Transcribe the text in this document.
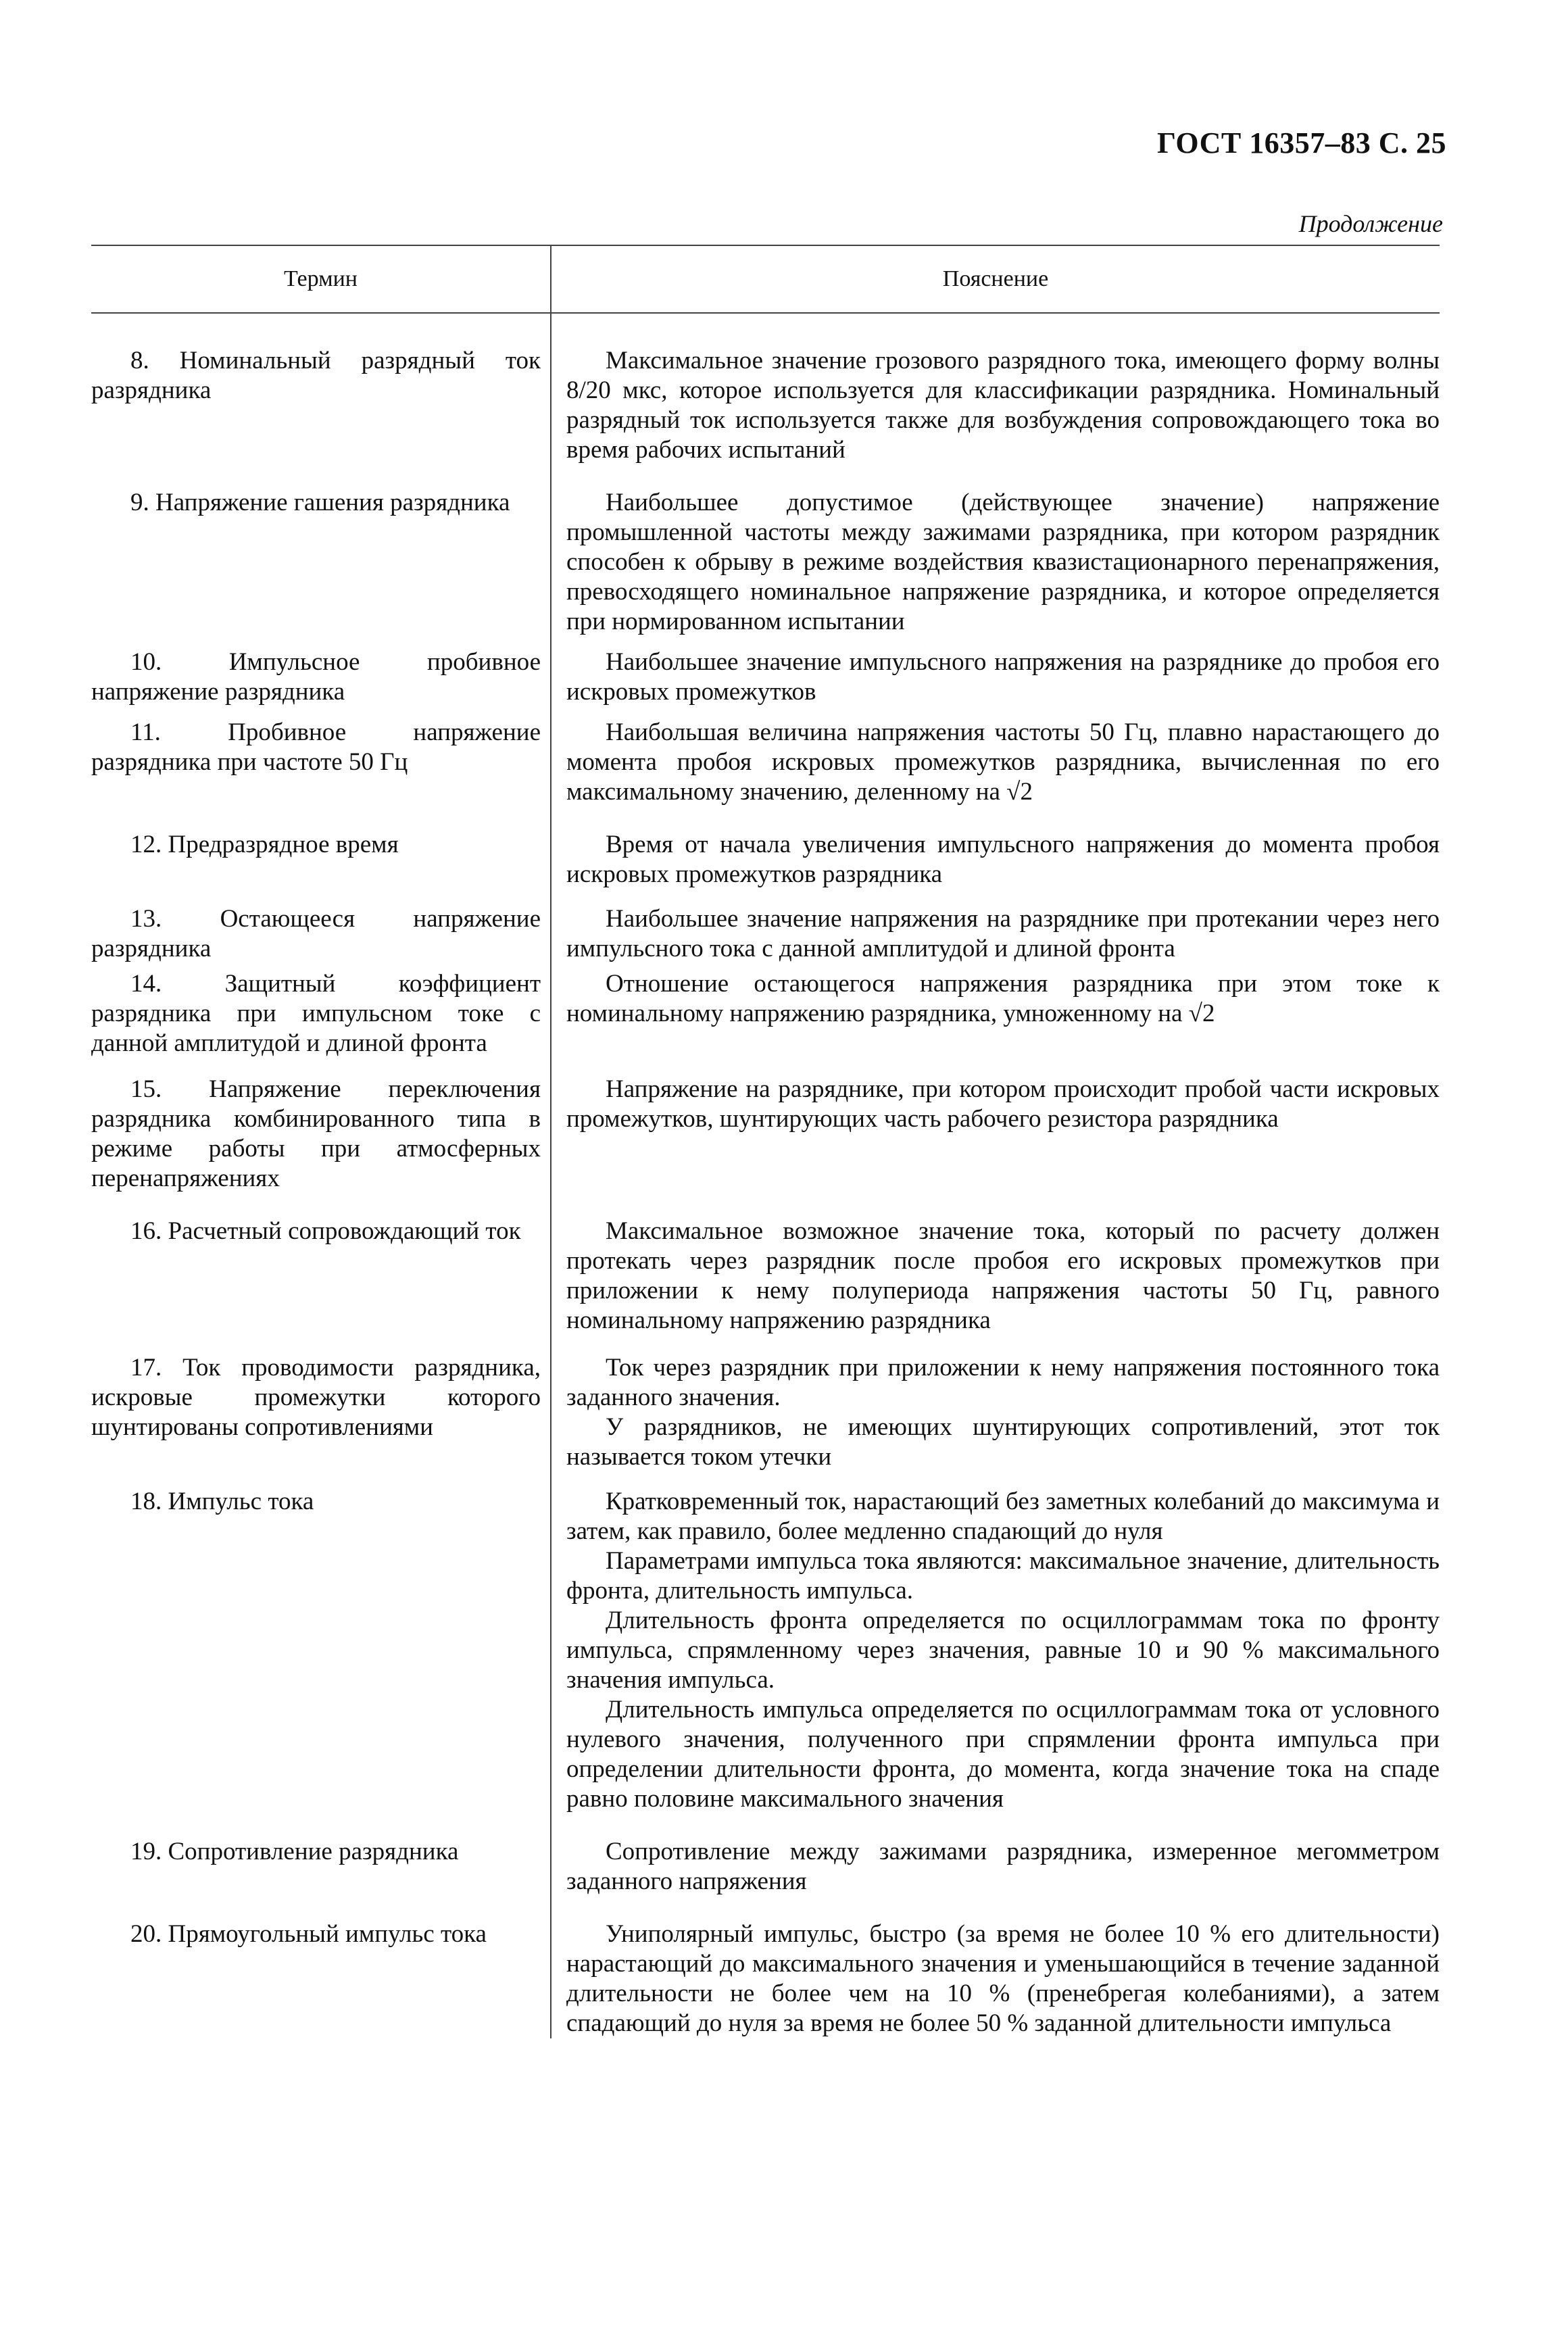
ГОСТ 16357–83 С. 25
Продолжение
Термин	Пояснение

8. Номинальный разрядный ток разрядника	Максимальное значение грозового разрядного тока, имеющего форму волны 8/20 мкс, которое используется для классификации разрядника. Номинальный разрядный ток используется также для возбуждения сопровождающего тока во время рабочих испытаний

9. Напряжение гашения разрядника	Наибольшее допустимое (действующее значение) напряжение промышленной частоты между зажимами разрядника, при котором разрядник способен к обрыву в режиме воздействия квазистационарного перенапряжения, превосходящего номинальное напряжение разрядника, и которое определяется при нормированном испытании

10. Импульсное пробивное напряжение разрядника	Наибольшее значение импульсного напряжения на разряднике до пробоя его искровых промежутков

11. Пробивное напряжение разрядника при частоте 50 Гц	Наибольшая величина напряжения частоты 50 Гц, плавно нарастающего до момента пробоя искровых промежутков разрядника, вычисленная по его максимальному значению, деленному на √2

12. Предразрядное время	Время от начала увеличения импульсного напряжения до момента пробоя искровых промежутков разрядника

13. Остающееся напряжение разрядника	Наибольшее значение напряжения на разряднике при протекании через него импульсного тока с данной амплитудой и длиной фронта

14. Защитный коэффициент разрядника при импульсном токе с данной амплитудой и длиной фронта	Отношение остающегося напряжения разрядника при этом токе к номинальному напряжению разрядника, умноженному на √2

15. Напряжение переключения разрядника комбинированного типа в режиме работы при атмосферных перенапряжениях	Напряжение на разряднике, при котором происходит пробой части искровых промежутков, шунтирующих часть рабочего резистора разрядника

16. Расчетный сопровождающий ток	Максимальное возможное значение тока, который по расчету должен протекать через разрядник после пробоя его искровых промежутков при приложении к нему полупериода напряжения частоты 50 Гц, равного номинальному напряжению разрядника

17. Ток проводимости разрядника, искровые промежутки которого шунтированы сопротивлениями	Ток через разрядник при приложении к нему напряжения постоянного тока заданного значения.

У разрядников, не имеющих шунтирующих сопротивлений, этот ток называется током утечки

18. Импульс тока	Кратковременный ток, нарастающий без заметных колебаний до максимума и затем, как правило, более медленно спадающий до нуля

Параметрами импульса тока являются: максимальное значение, длительность фронта, длительность импульса.

Длительность фронта определяется по осциллограммам тока по фронту импульса, спрямленному через значения, равные 10 и 90 % максимального значения импульса.

Длительность импульса определяется по осциллограммам тока от условного нулевого значения, полученного при спрямлении фронта импульса при определении длительности фронта, до момента, когда значение тока на спаде равно половине максимального значения

19. Сопротивление разрядника	Сопротивление между зажимами разрядника, измеренное мегомметром заданного напряжения

20. Прямоугольный импульс тока	Униполярный импульс, быстро (за время не более 10 % его длительности) нарастающий до максимального значения и уменьшающийся в течение заданной длительности не более чем на 10 % (пренебрегая колебаниями), а затем спадающий до нуля за время не более 50 % заданной длительности импульса
